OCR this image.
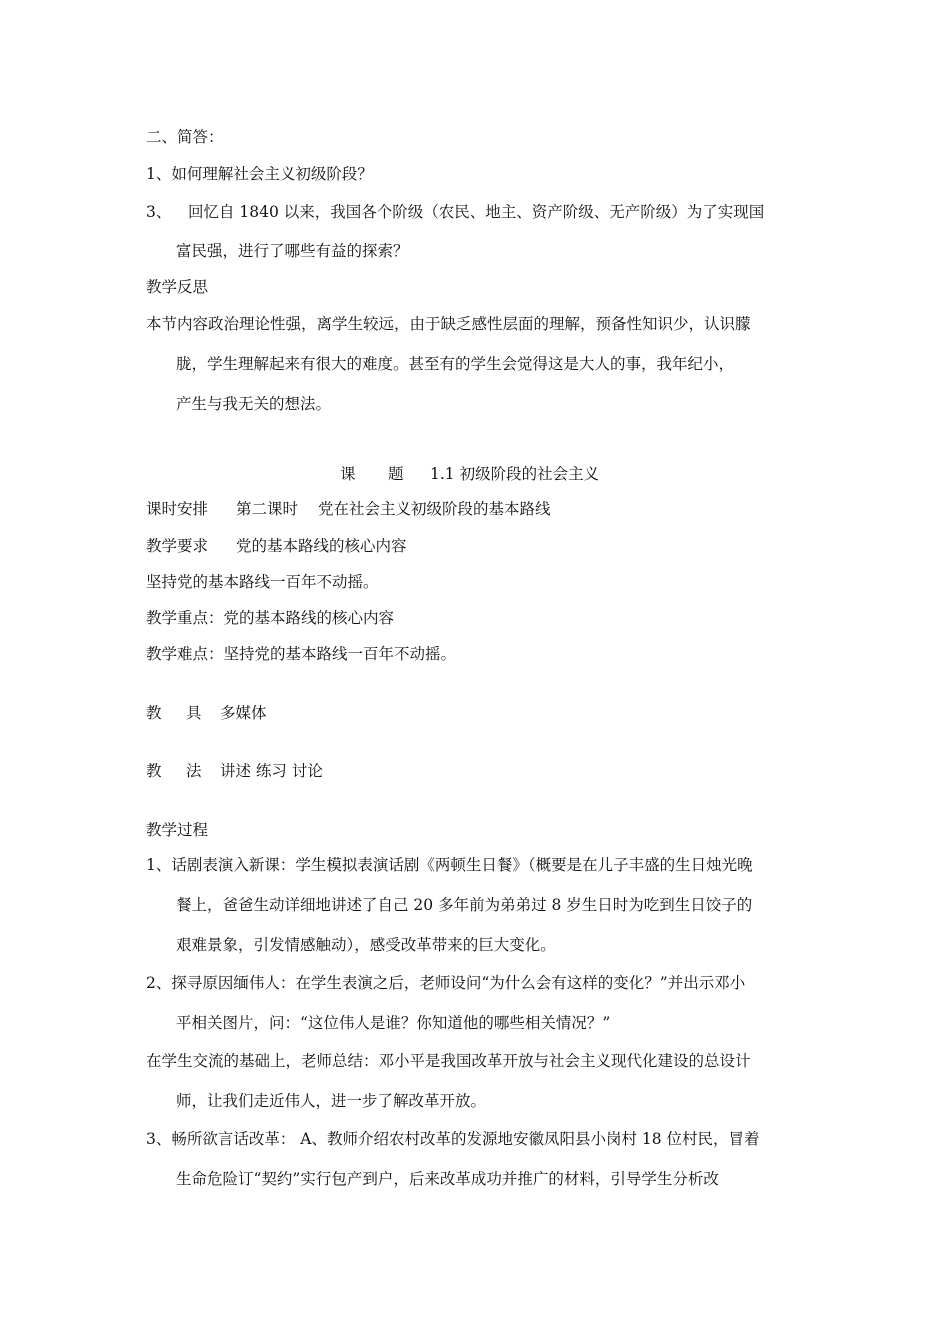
二、简答：
1、如何理解社会主义初级阶段？
3、 回忆自 1840 以来，我国各个阶级（农民、地主、资产阶级、无产阶级）为了实现国
富民强，进行了哪些有益的探索？
教学反思
本节内容政治理论性强，离学生较远，由于缺乏感性层面的理解，预备性知识少，认识朦
胧，学生理解起来有很大的难度。甚至有的学生会觉得这是大人的事，我年纪小，
产生与我无关的想法。
课 题 1.1 初级阶段的社会主义
课时安排 第二课时 党在社会主义初级阶段的基本路线
教学要求 党的基本路线的核心内容
坚持党的基本路线一百年不动摇。
教学重点：党的基本路线的核心内容
教学难点：坚持党的基本路线一百年不动摇。
教 具 多媒体
教 法 讲述 练习 讨论
教学过程
1、话剧表演入新课：学生模拟表演话剧《两顿生日餐》（概要是在儿子丰盛的生日烛光晚
餐上，爸爸生动详细地讲述了自己 20 多年前为弟弟过 8 岁生日时为吃到生日饺子的
艰难景象，引发情感触动），感受改革带来的巨大变化。
2、探寻原因缅伟人：在学生表演之后，老师设问“为什么会有这样的变化？”并出示邓小
平相关图片，问：“这位伟人是谁？你知道他的哪些相关情况？”
在学生交流的基础上，老师总结：邓小平是我国改革开放与社会主义现代化建设的总设计
师，让我们走近伟人，进一步了解改革开放。
3、畅所欲言话改革： A、教师介绍农村改革的发源地安徽凤阳县小岗村 18 位村民，冒着
生命危险订“契约”实行包产到户，后来改革成功并推广的材料，引导学生分析改
